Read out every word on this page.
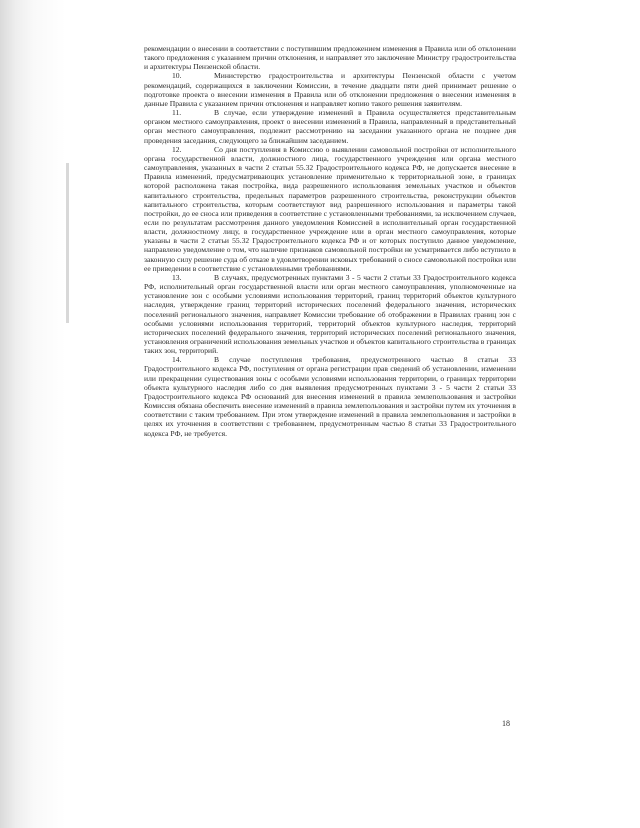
рекомендации о внесении в соответствии с поступившим предложением изменения в Правила или об отклонении такого предложения с указанием причин отклонения, и направляет это заключение Министру градостроительства и архитектуры Пензенской области.

10.	Министерство градостроительства и архитектуры Пензенской области с учетом рекомендаций, содержащихся в заключении Комиссии, в течение двадцати пяти дней принимает решение о подготовке проекта о внесении изменения в Правила или об отклонении предложения о внесении изменения в данные Правила с указанием причин отклонения и направляет копию такого решения заявителям.

11.	В случае, если утверждение изменений в Правила осуществляется представительным органом местного самоуправления, проект о внесении изменений в Правила, направленный в представительный орган местного самоуправления, подлежит рассмотрению на заседании указанного органа не позднее дня проведения заседания, следующего за ближайшим заседанием.

12.	Со дня поступления в Комиссию о выявлении самовольной постройки от исполнительного органа государственной власти, должностного лица, государственного учреждения или органа местного самоуправления, указанных в части 2 статьи 55.32 Градостроительного кодекса РФ, не допускается внесение в Правила изменений, предусматривающих установление применительно к территориальной зоне, в границах которой расположена такая постройка, вида разрешенного использования земельных участков и объектов капитального строительства, предельных параметров разрешенного строительства, реконструкции объектов капитального строительства, которым соответствуют вид разрешенного использования и параметры такой постройки, до ее сноса или приведения в соответствие с установленными требованиями, за исключением случаев, если по результатам рассмотрения данного уведомления Комиссией в исполнительный орган государственной власти, должностному лицу, в государственное учреждение или в орган местного самоуправления, которые указаны в части 2 статьи 55.32 Градостроительного кодекса РФ и от которых поступило данное уведомление, направлено уведомление о том, что наличие признаков самовольной постройки не усматривается либо вступило в законную силу решение суда об отказе в удовлетворении исковых требований о сносе самовольной постройки или ее приведении в соответствие с установленными требованиями.

13.	В случаях, предусмотренных пунктами 3 - 5 части 2 статьи 33 Градостроительного кодекса РФ, исполнительный орган государственной власти или орган местного самоуправления, уполномоченные на установление зон с особыми условиями использования территорий, границ территорий объектов культурного наследия, утверждение границ территорий исторических поселений федерального значения, исторических поселений регионального значения, направляет Комиссии требование об отображении в Правилах границ зон с особыми условиями использования территорий, территорий объектов культурного наследия, территорий исторических поселений федерального значения, территорий исторических поселений регионального значения, установления ограничений использования земельных участков и объектов капитального строительства в границах таких зон, территорий.

14.	В случае поступления требования, предусмотренного частью 8 статьи 33 Градостроительного кодекса РФ, поступления от органа регистрации прав сведений об установлении, изменении или прекращении существования зоны с особыми условиями использования территории, о границах территории объекта культурного наследия либо со дня выявления предусмотренных пунктами 3 - 5 части 2 статьи 33 Градостроительного кодекса РФ оснований для внесения изменений в правила землепользования и застройки Комиссия обязана обеспечить внесение изменений в правила землепользования и застройки путем их уточнения в соответствии с таким требованием. При этом утверждение изменений в правила землепользования и застройки в целях их уточнения в соответствии с требованием, предусмотренным частью 8 статьи 33 Градостроительного кодекса РФ, не требуется.

18
